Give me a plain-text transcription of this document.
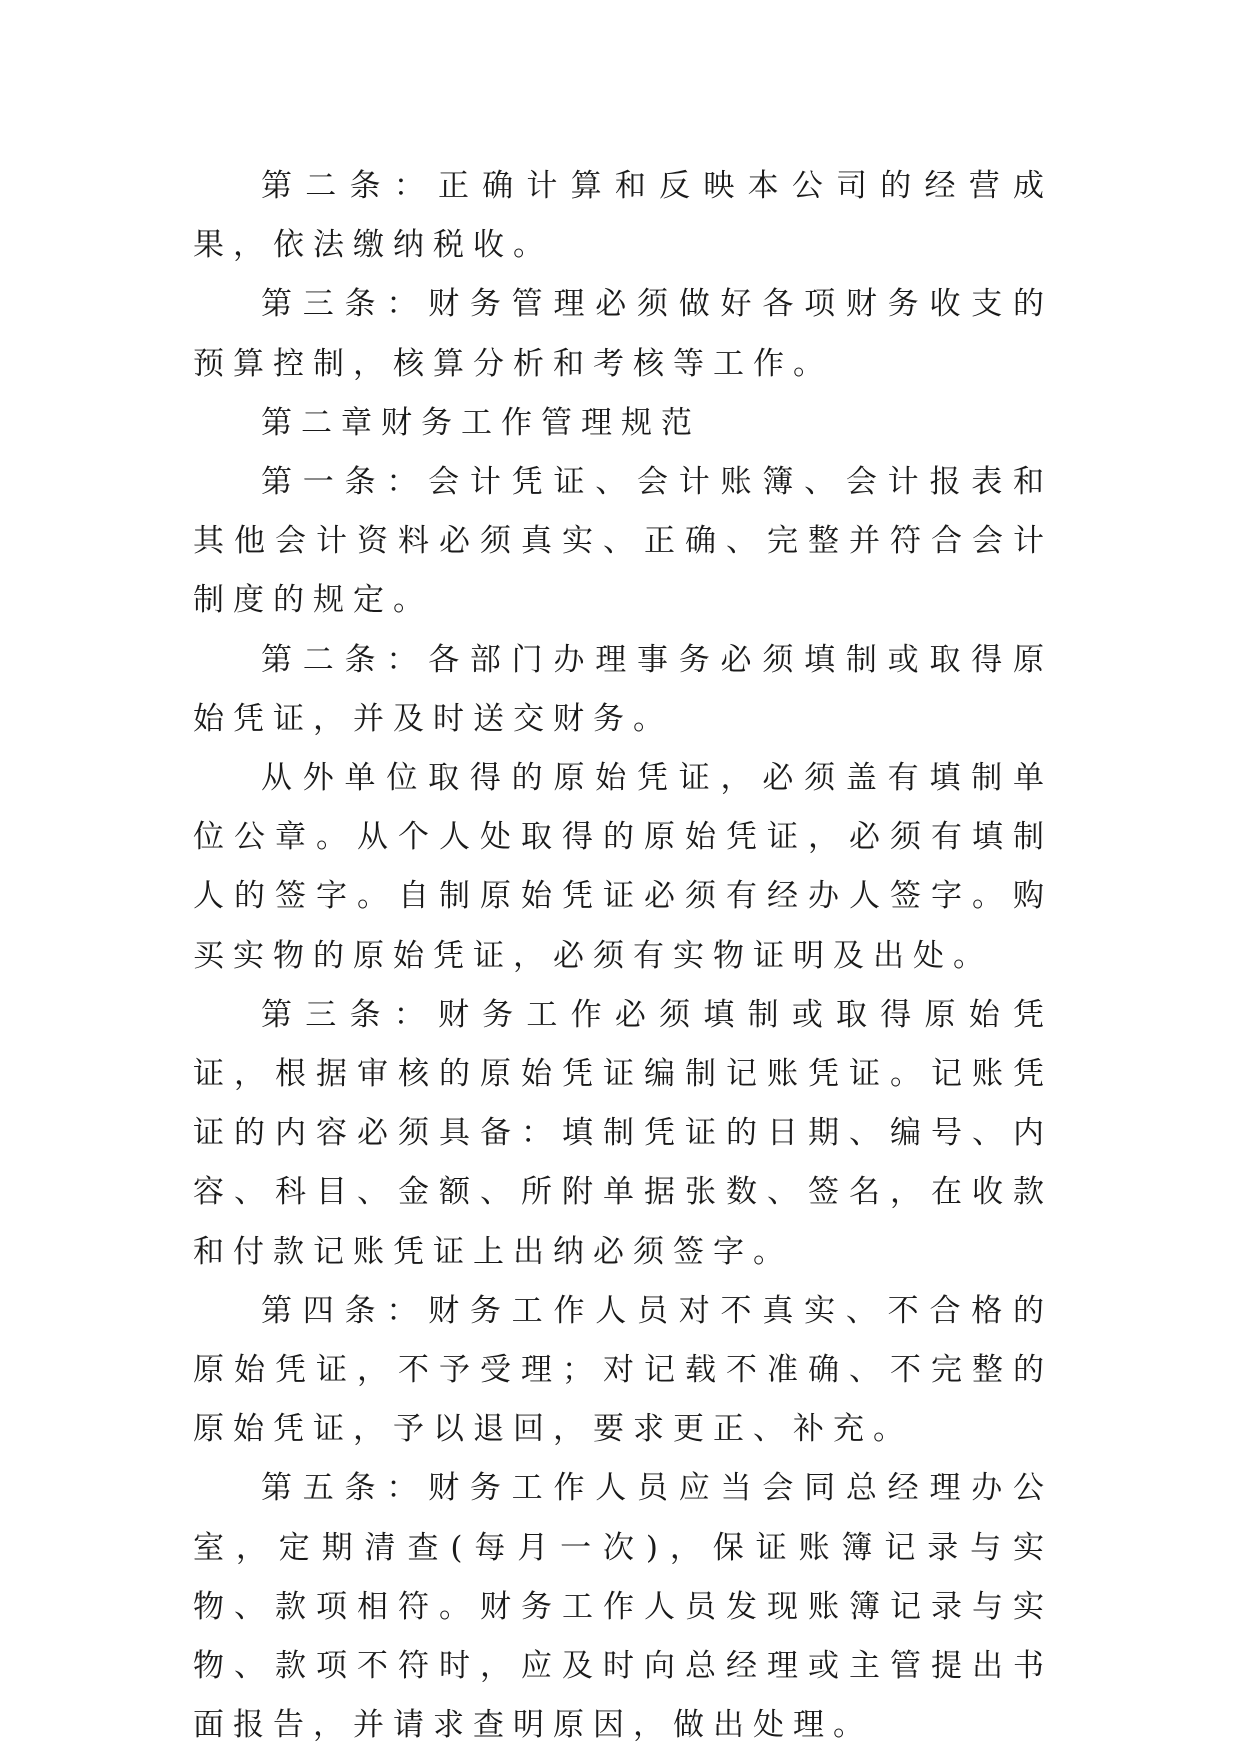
第二条：正确计算和反映本公司的经营成果，依法缴纳税收。

第三条：财务管理必须做好各项财务收支的预算控制，核算分析和考核等工作。

第二章财务工作管理规范

第一条：会计凭证、会计账簿、会计报表和其他会计资料必须真实、正确、完整并符合会计制度的规定。

第二条：各部门办理事务必须填制或取得原始凭证，并及时送交财务。

从外单位取得的原始凭证，必须盖有填制单位公章。从个人处取得的原始凭证，必须有填制人的签字。自制原始凭证必须有经办人签字。购买实物的原始凭证，必须有实物证明及出处。

第三条：财务工作必须填制或取得原始凭证，根据审核的原始凭证编制记账凭证。记账凭证的内容必须具备：填制凭证的日期、编号、内容、科目、金额、所附单据张数、签名，在收款和付款记账凭证上出纳必须签字。

第四条：财务工作人员对不真实、不合格的原始凭证，不予受理；对记载不准确、不完整的原始凭证，予以退回，要求更正、补充。

第五条：财务工作人员应当会同总经理办公室，定期清查(每月一次)，保证账簿记录与实物、款项相符。财务工作人员发现账簿记录与实物、款项不符时，应及时向总经理或主管提出书面报告，并请求查明原因，做出处理。
